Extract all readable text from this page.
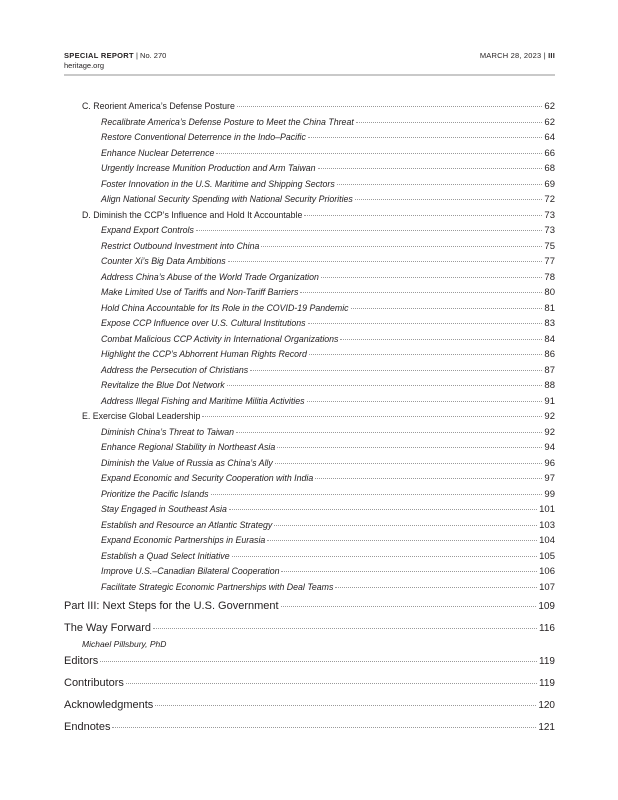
SPECIAL REPORT | No. 270
heritage.org
MARCH 28, 2023 | III
C. Reorient America’s Defense Posture	62
Recalibrate America’s Defense Posture to Meet the China Threat	62
Restore Conventional Deterrence in the Indo–Pacific	64
Enhance Nuclear Deterrence	66
Urgently Increase Munition Production and Arm Taiwan	68
Foster Innovation in the U.S. Maritime and Shipping Sectors	69
Align National Security Spending with National Security Priorities	72
D. Diminish the CCP’s Influence and Hold It Accountable	73
Expand Export Controls	73
Restrict Outbound Investment into China	75
Counter Xi’s Big Data Ambitions	77
Address China’s Abuse of the World Trade Organization	78
Make Limited Use of Tariffs and Non-Tariff Barriers	80
Hold China Accountable for Its Role in the COVID-19 Pandemic	81
Expose CCP Influence over U.S. Cultural Institutions	83
Combat Malicious CCP Activity in International Organizations	84
Highlight the CCP’s Abhorrent Human Rights Record	86
Address the Persecution of Christians	87
Revitalize the Blue Dot Network	88
Address Illegal Fishing and Maritime Militia Activities	91
E. Exercise Global Leadership	92
Diminish China’s Threat to Taiwan	92
Enhance Regional Stability in Northeast Asia	94
Diminish the Value of Russia as China’s Ally	96
Expand Economic and Security Cooperation with India	97
Prioritize the Pacific Islands	99
Stay Engaged in Southeast Asia	101
Establish and Resource an Atlantic Strategy	103
Expand Economic Partnerships in Eurasia	104
Establish a Quad Select Initiative	105
Improve U.S.–Canadian Bilateral Cooperation	106
Facilitate Strategic Economic Partnerships with Deal Teams	107
Part III: Next Steps for the U.S. Government	109
The Way Forward	116
Michael Pillsbury, PhD
Editors	119
Contributors	119
Acknowledgments	120
Endnotes	121
